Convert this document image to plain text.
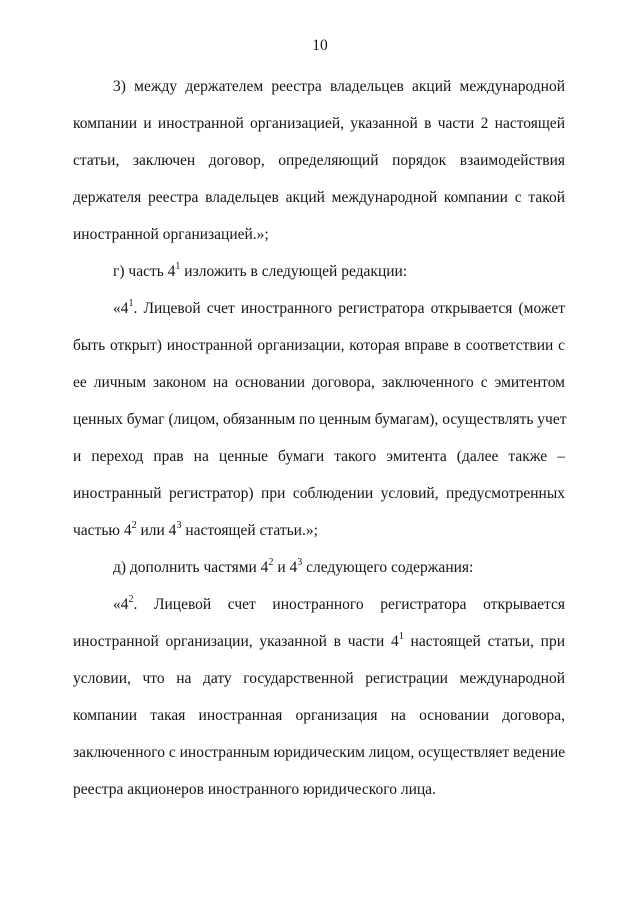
10
3) между держателем реестра владельцев акций международной
компании и иностранной организацией, указанной в части 2 настоящей
статьи, заключен договор, определяющий порядок взаимодействия
держателя реестра владельцев акций международной компании с такой
иностранной организацией.»;
г) часть $4^1$ изложить в следующей редакции:
«$4^1$. Лицевой счет иностранного регистратора открывается (может
быть открыт) иностранной организации, которая вправе в соответствии с
ее личным законом на основании договора, заключенного с эмитентом
ценных бумаг (лицом, обязанным по ценным бумагам), осуществлять учет
и переход прав на ценные бумаги такого эмитента (далее также –
иностранный регистратор) при соблюдении условий, предусмотренных
частью $4^2$ или $4^3$ настоящей статьи.»;
д) дополнить частями $4^2$ и $4^3$ следующего содержания:
«$4^2$. Лицевой счет иностранного регистратора открывается
иностранной организации, указанной в части $4^1$ настоящей статьи, при
условии, что на дату государственной регистрации международной
компании такая иностранная организация на основании договора,
заключенного с иностранным юридическим лицом, осуществляет ведение
реестра акционеров иностранного юридического лица.
